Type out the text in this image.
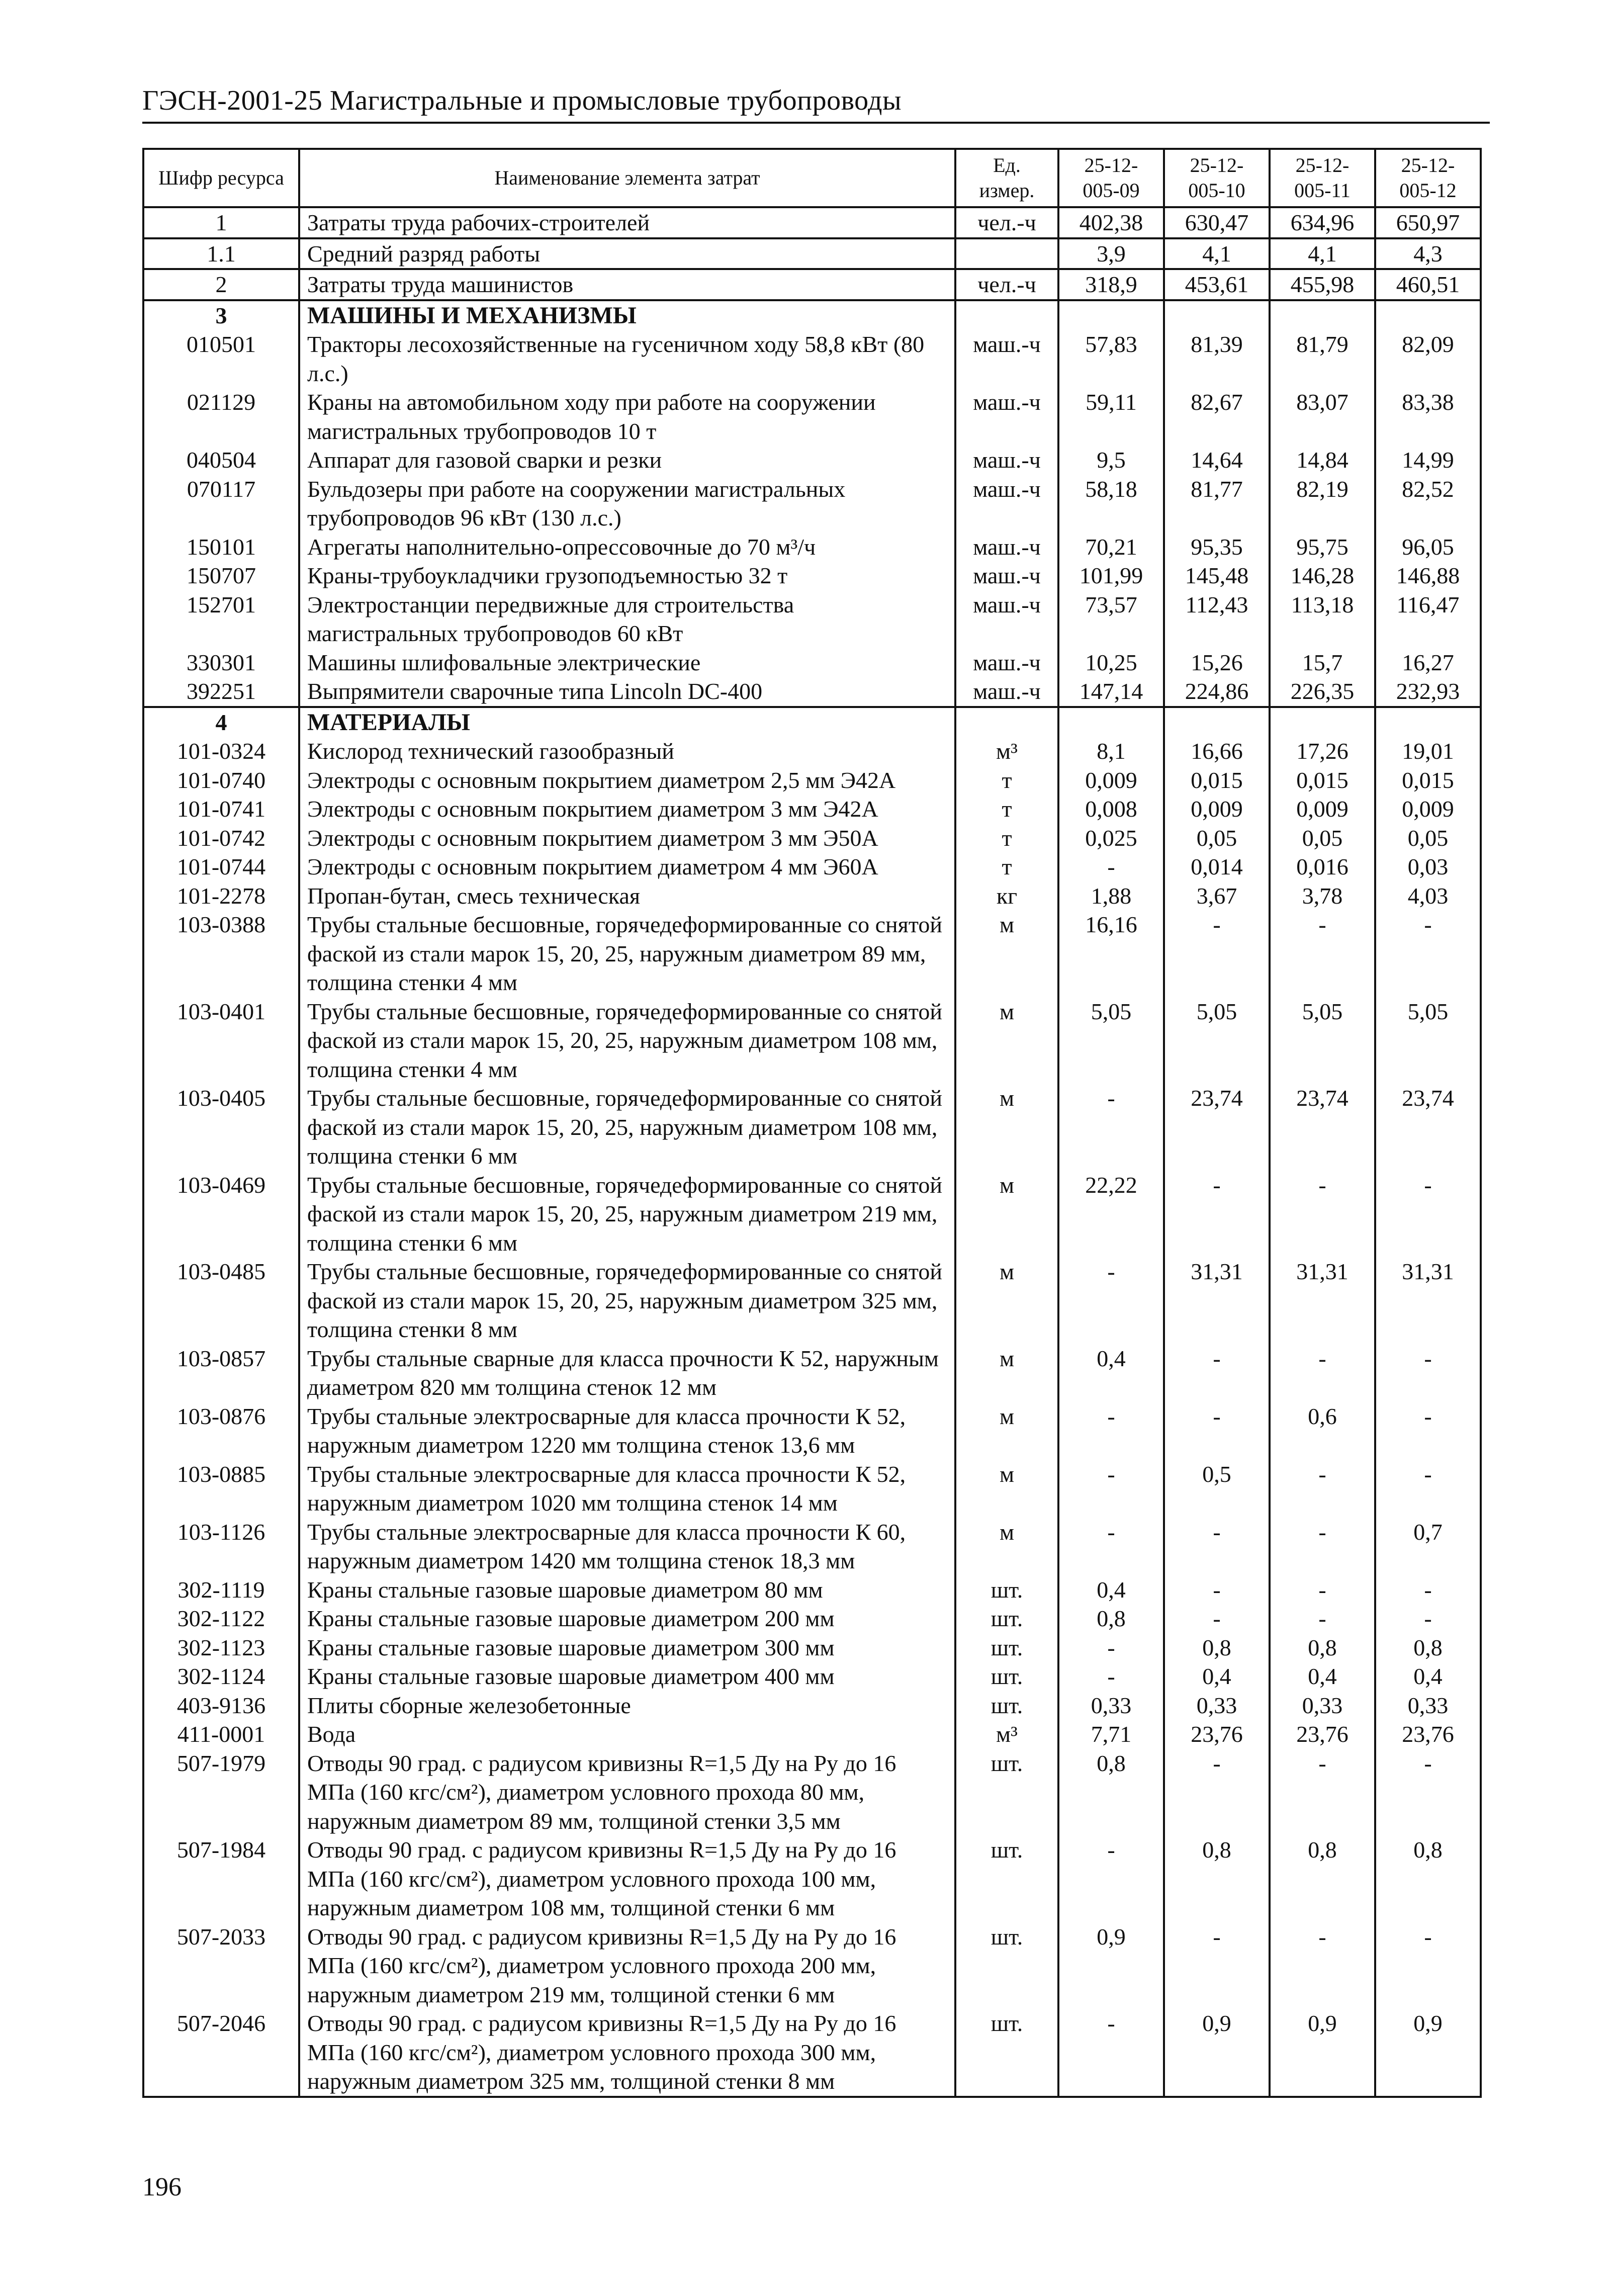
ГЭСН-2001-25 Магистральные и промысловые трубопроводы
Шифр ресурса	Наименование элемента затрат	Ед. измер.	25-12-005-09	25-12-005-10	25-12-005-11	25-12-005-12
1	Затраты труда рабочих-строителей	чел.-ч	402,38	630,47	634,96	650,97
1.1	Средний разряд работы		3,9	4,1	4,1	4,3
2	Затраты труда машинистов	чел.-ч	318,9	453,61	455,98	460,51
3	МАШИНЫ И МЕХАНИЗМЫ					
010501	Тракторы лесохозяйственные на гусеничном ходу 58,8 кВт (80 л.с.)	маш.-ч	57,83	81,39	81,79	82,09
021129	Краны на автомобильном ходу при работе на сооружении магистральных трубопроводов 10 т	маш.-ч	59,11	82,67	83,07	83,38
040504	Аппарат для газовой сварки и резки	маш.-ч	9,5	14,64	14,84	14,99
070117	Бульдозеры при работе на сооружении магистральных трубопроводов 96 кВт (130 л.с.)	маш.-ч	58,18	81,77	82,19	82,52
150101	Агрегаты наполнительно-опрессовочные до 70 м³/ч	маш.-ч	70,21	95,35	95,75	96,05
150707	Краны-трубоукладчики грузоподъемностью 32 т	маш.-ч	101,99	145,48	146,28	146,88
152701	Электростанции передвижные для строительства магистральных трубопроводов 60 кВт	маш.-ч	73,57	112,43	113,18	116,47
330301	Машины шлифовальные электрические	маш.-ч	10,25	15,26	15,7	16,27
392251	Выпрямители сварочные типа Lincoln DC-400	маш.-ч	147,14	224,86	226,35	232,93
4	МАТЕРИАЛЫ					
101-0324	Кислород технический газообразный	м³	8,1	16,66	17,26	19,01
101-0740	Электроды с основным покрытием диаметром 2,5 мм Э42А	т	0,009	0,015	0,015	0,015
101-0741	Электроды с основным покрытием диаметром 3 мм Э42А	т	0,008	0,009	0,009	0,009
101-0742	Электроды с основным покрытием диаметром 3 мм Э50А	т	0,025	0,05	0,05	0,05
101-0744	Электроды с основным покрытием диаметром 4 мм Э60А	т	-	0,014	0,016	0,03
101-2278	Пропан-бутан, смесь техническая	кг	1,88	3,67	3,78	4,03
103-0388	Трубы стальные бесшовные, горячедеформированные со снятой фаской из стали марок 15, 20, 25, наружным диаметром 89 мм, толщина стенки 4 мм	м	16,16	-	-	-
103-0401	Трубы стальные бесшовные, горячедеформированные со снятой фаской из стали марок 15, 20, 25, наружным диаметром 108 мм, толщина стенки 4 мм	м	5,05	5,05	5,05	5,05
103-0405	Трубы стальные бесшовные, горячедеформированные со снятой фаской из стали марок 15, 20, 25, наружным диаметром 108 мм, толщина стенки 6 мм	м	-	23,74	23,74	23,74
103-0469	Трубы стальные бесшовные, горячедеформированные со снятой фаской из стали марок 15, 20, 25, наружным диаметром 219 мм, толщина стенки 6 мм	м	22,22	-	-	-
103-0485	Трубы стальные бесшовные, горячедеформированные со снятой фаской из стали марок 15, 20, 25, наружным диаметром 325 мм, толщина стенки 8 мм	м	-	31,31	31,31	31,31
103-0857	Трубы стальные сварные для класса прочности К 52, наружным диаметром 820 мм толщина стенок 12 мм	м	0,4	-	-	-
103-0876	Трубы стальные электросварные для класса прочности К 52, наружным диаметром 1220 мм толщина стенок 13,6 мм	м	-	-	0,6	-
103-0885	Трубы стальные электросварные для класса прочности К 52, наружным диаметром 1020 мм толщина стенок 14 мм	м	-	0,5	-	-
103-1126	Трубы стальные электросварные для класса прочности К 60, наружным диаметром 1420 мм толщина стенок 18,3 мм	м	-	-	-	0,7
302-1119	Краны стальные газовые шаровые диаметром 80 мм	шт.	0,4	-	-	-
302-1122	Краны стальные газовые шаровые диаметром 200 мм	шт.	0,8	-	-	-
302-1123	Краны стальные газовые шаровые диаметром 300 мм	шт.	-	0,8	0,8	0,8
302-1124	Краны стальные газовые шаровые диаметром 400 мм	шт.	-	0,4	0,4	0,4
403-9136	Плиты сборные железобетонные	шт.	0,33	0,33	0,33	0,33
411-0001	Вода	м³	7,71	23,76	23,76	23,76
507-1979	Отводы 90 град. с радиусом кривизны R=1,5 Ду на Ру до 16 МПа (160 кгс/см²), диаметром условного прохода 80 мм, наружным диаметром 89 мм, толщиной стенки 3,5 мм	шт.	0,8	-	-	-
507-1984	Отводы 90 град. с радиусом кривизны R=1,5 Ду на Ру до 16 МПа (160 кгс/см²), диаметром условного прохода 100 мм, наружным диаметром 108 мм, толщиной стенки 6 мм	шт.	-	0,8	0,8	0,8
507-2033	Отводы 90 град. с радиусом кривизны R=1,5 Ду на Ру до 16 МПа (160 кгс/см²), диаметром условного прохода 200 мм, наружным диаметром 219 мм, толщиной стенки 6 мм	шт.	0,9	-	-	-
507-2046	Отводы 90 град. с радиусом кривизны R=1,5 Ду на Ру до 16 МПа (160 кгс/см²), диаметром условного прохода 300 мм, наружным диаметром 325 мм, толщиной стенки 8 мм	шт.	-	0,9	0,9	0,9
196
